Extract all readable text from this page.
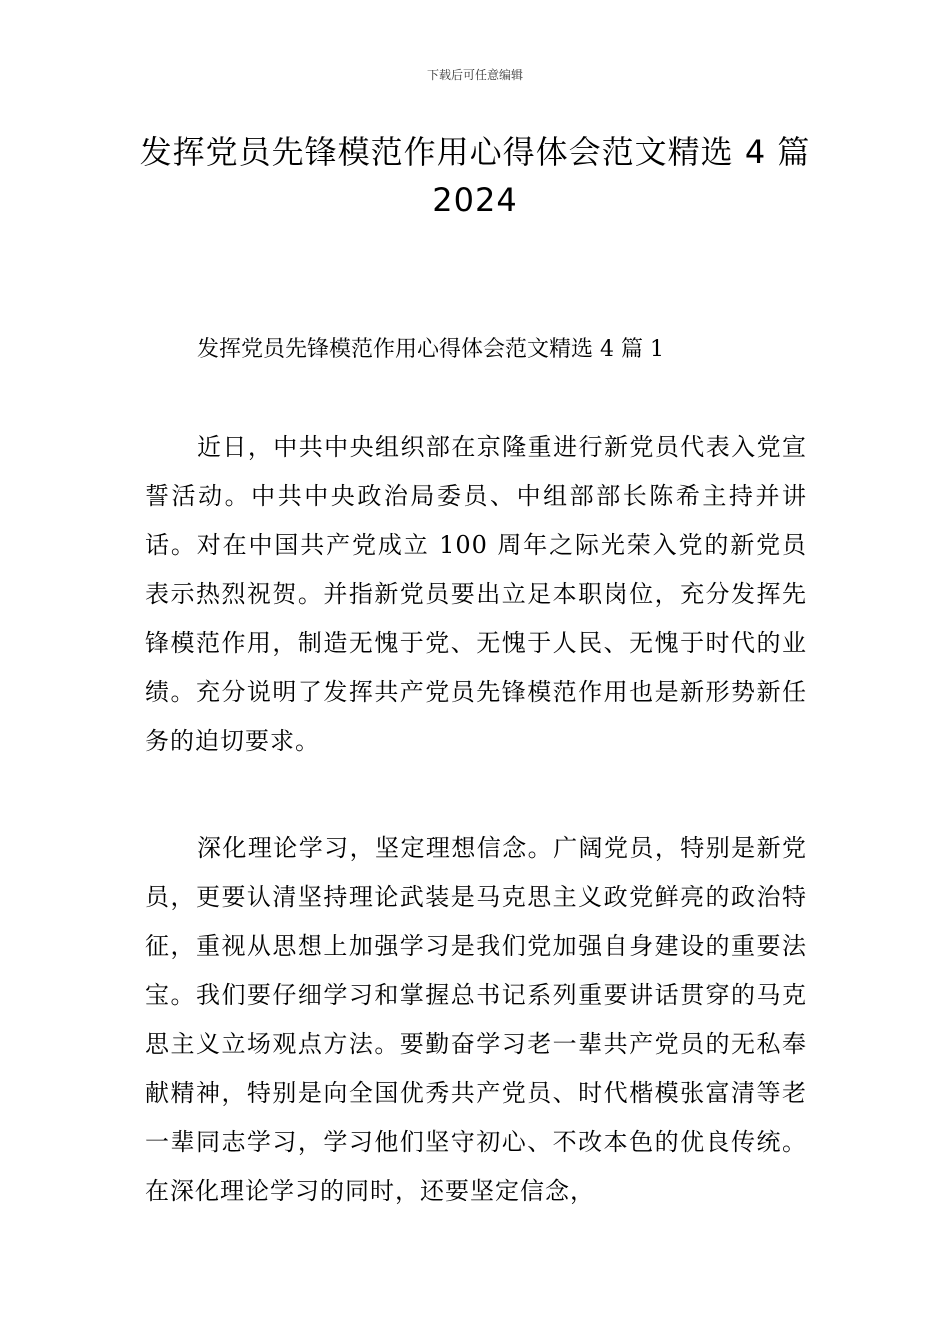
下载后可任意编辑
发挥党员先锋模范作用心得体会范文精选 4 篇 2024
发挥党员先锋模范作用心得体会范文精选 4 篇 1

近日，中共中央组织部在京隆重进行新党员代表入党宣誓活动。中共中央政治局委员、中组部部长陈希主持并讲话。对在中国共产党成立 100 周年之际光荣入党的新党员表示热烈祝贺。并指新党员要出立足本职岗位，充分发挥先锋模范作用，制造无愧于党、无愧于人民、无愧于时代的业绩。充分说明了发挥共产党员先锋模范作用也是新形势新任务的迫切要求。

深化理论学习，坚定理想信念。广阔党员，特别是新党员，更要认清坚持理论武装是马克思主义政党鲜亮的政治特征，重视从思想上加强学习是我们党加强自身建设的重要法宝。我们要仔细学习和掌握总书记系列重要讲话贯穿的马克思主义立场观点方法。要勤奋学习老一辈共产党员的无私奉献精神，特别是向全国优秀共产党员、时代楷模张富清等老一辈同志学习，学习他们坚守初心、不改本色的优良传统。在深化理论学习的同时，还要坚定信念，
